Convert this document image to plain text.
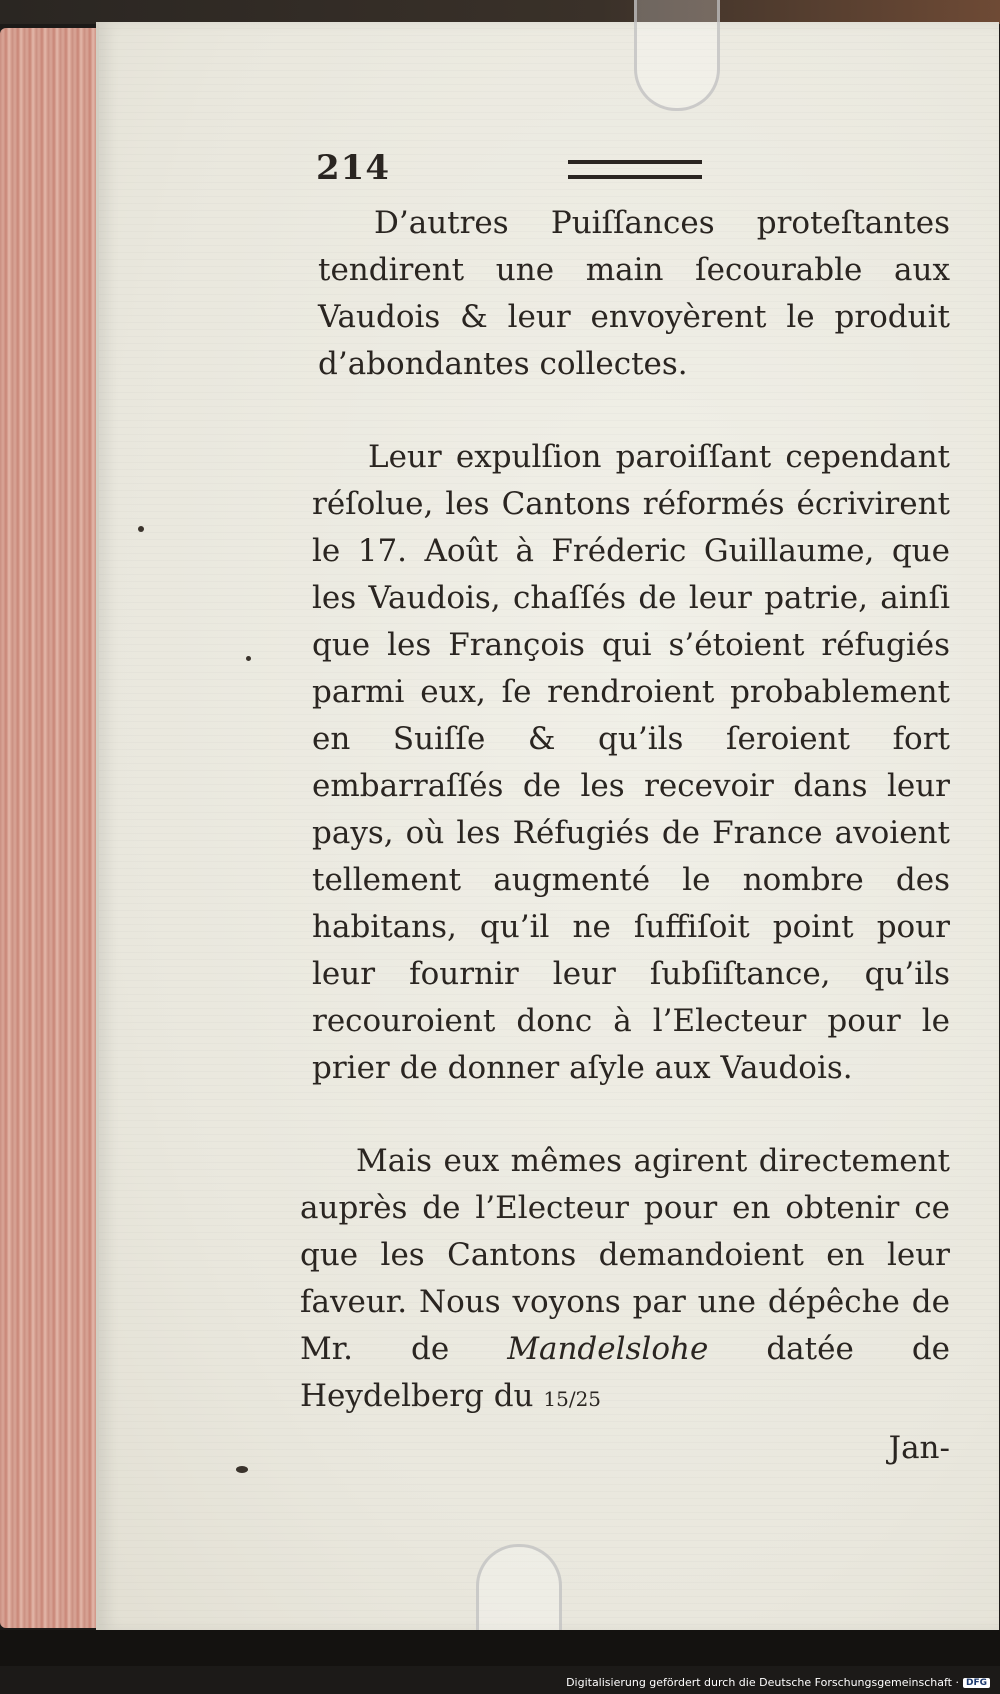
214

D’autres Puiſſances proteſtantes tendirent une main ſecourable aux Vaudois & leur envoyèrent le produit d’abondantes collectes.

Leur expulſion paroiſſant cependant réſolue, les Cantons réformés écrivirent le 17. Août à Fréderic Guillaume, que les Vaudois, chaſſés de leur patrie, ainſi que les François qui s’étoient réfugiés parmi eux, ſe rendroient probablement en Suiſſe & qu’ils ſeroient fort embarraſſés de les recevoir dans leur pays, où les Réfugiés de France avoient tellement augmenté le nombre des habitans, qu’il ne ſuffiſoit point pour leur fournir leur ſubſiſtance, qu’ils recouroient donc à l’Electeur pour le prier de donner aſyle aux Vaudois.

Mais eux mêmes agirent directement auprès de l’Electeur pour en obtenir ce que les Cantons demandoient en leur faveur. Nous voyons par une dépêche de Mr. de Mandelslohe datée de Heydelberg du 15/25

Jan-
Digitalisierung gefördert durch die Deutsche Forschungsgemeinschaft · DFG
